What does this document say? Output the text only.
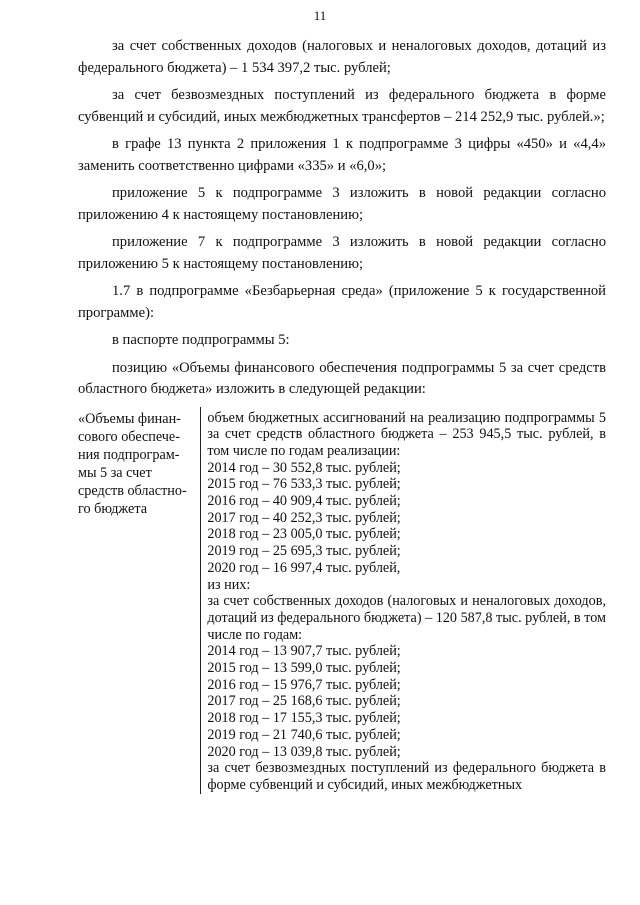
11

за счет собственных доходов (налоговых и неналоговых доходов, дотаций из федерального бюджета) – 1 534 397,2 тыс. рублей;

за счет безвозмездных поступлений из федерального бюджета в форме субвенций и субсидий, иных межбюджетных трансфертов – 214 252,9 тыс. рублей.»;

в графе 13 пункта 2 приложения 1 к подпрограмме 3 цифры «450» и «4,4» заменить соответственно цифрами «335» и «6,0»;

приложение 5 к подпрограмме 3 изложить в новой редакции согласно приложению 4 к настоящему постановлению;

приложение 7 к подпрограмме 3 изложить в новой редакции согласно приложению 5 к настоящему постановлению;

1.7 в подпрограмме «Безбарьерная среда» (приложение 5 к государственной программе):

в паспорте подпрограммы 5:

позицию «Объемы финансового обеспечения подпрограммы 5 за счет средств областного бюджета» изложить в следующей редакции:

«Объемы финан-
сового обеспече-
ния подпрограм-
мы 5 за счет
средств областно-
го бюджета
объем бюджетных ассигнований на реализацию подпрограммы 5 за счет средств областного бюджета – 253 945,5 тыс. рублей, в том числе по годам реализации:
2014 год – 30 552,8 тыс. рублей;
2015 год – 76 533,3 тыс. рублей;
2016 год – 40 909,4 тыс. рублей;
2017 год – 40 252,3 тыс. рублей;
2018 год – 23 005,0 тыс. рублей;
2019 год – 25 695,3 тыс. рублей;
2020 год – 16 997,4 тыс. рублей,
из них:
за счет собственных доходов (налоговых и неналоговых доходов, дотаций из федерального бюджета) – 120 587,8 тыс. рублей, в том числе по годам:
2014 год – 13 907,7 тыс. рублей;
2015 год – 13 599,0 тыс. рублей;
2016 год – 15 976,7 тыс. рублей;
2017 год – 25 168,6 тыс. рублей;
2018 год – 17 155,3 тыс. рублей;
2019 год – 21 740,6 тыс. рублей;
2020 год – 13 039,8 тыс. рублей;
за счет безвозмездных поступлений из федерального бюджета в форме субвенций и субсидий, иных межбюджетных
